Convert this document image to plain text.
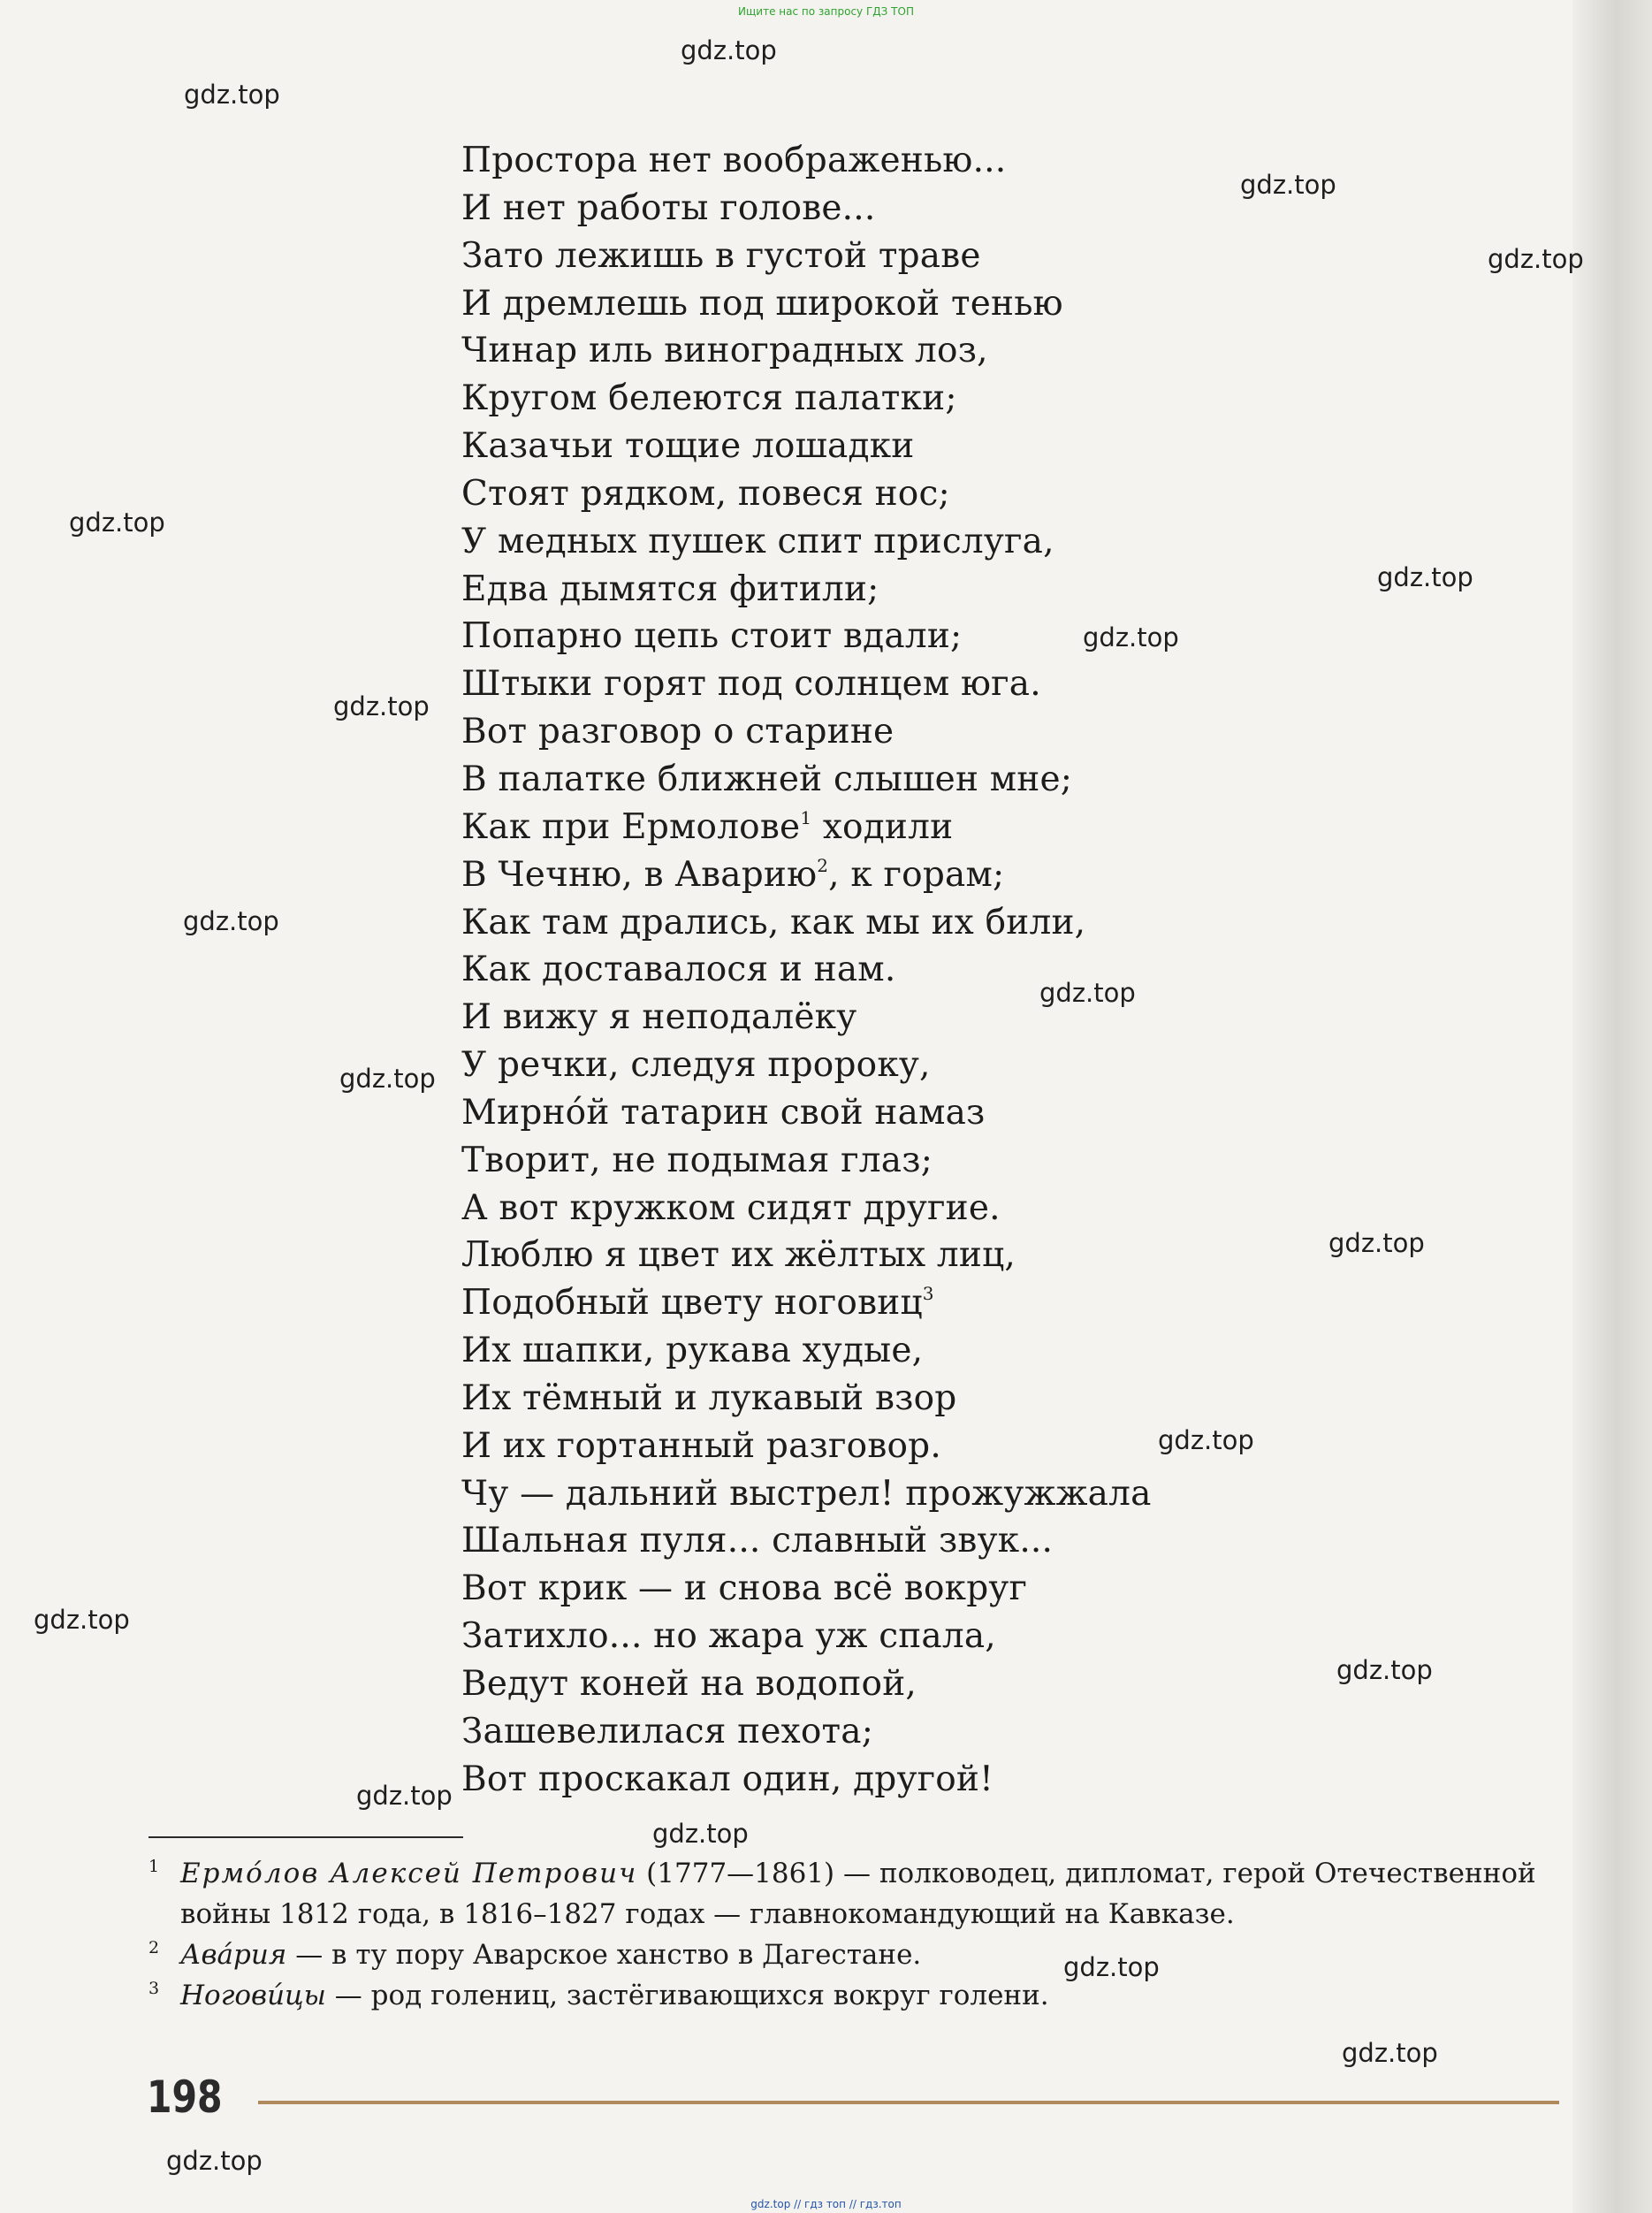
Ищите нас по запросу ГДЗ ТОП
Простора нет воображенью...
И нет работы голове...
Зато лежишь в густой траве
И дремлешь под широкой тенью
Чинар иль виноградных лоз,
Кругом белеются палатки;
Казачьи тощие лошадки
Стоят рядком, повеся нос;
У медных пушек спит прислуга,
Едва дымятся фитили;
Попарно цепь стоит вдали;
Штыки горят под солнцем юга.
Вот разговор о старине
В палатке ближней слышен мне;
Как при Ермолове$^1$ ходили
В Чечню, в Аварию$^2$, к горам;
Как там дрались, как мы их били,
Как доставалося и нам.
И вижу я неподалёку
У речки, следуя пророку,
Мирнóй татарин свой намаз
Творит, не подымая глаз;
А вот кружком сидят другие.
Люблю я цвет их жёлтых лиц,
Подобный цвету ноговиц$^3$
Их шапки, рукава худые,
Их тёмный и лукавый взор
И их гортанный разговор.
Чу — дальний выстрел! прожужжала
Шальная пуля... славный звук...
Вот крик — и снова всё вокруг
Затихло... но жара уж спала,
Ведут коней на водопой,
Зашевелилася пехота;
Вот проскакал один, другой!
1 Ермóлов Алексей Петрович (1777—1861) — полководец, дипломат, герой Отечественной войны 1812 года, в 1816–1827 годах — главнокомандующий на Кавказе.
2 Авáрия — в ту пору Аварское ханство в Дагестане.
3 Ногови́цы — род голениц, застёгивающихся вокруг голени.
198
gdz.top // гдз топ // гдз.топ
gdz.top
gdz.top
gdz.top
gdz.top
gdz.top
gdz.top
gdz.top
gdz.top
gdz.top
gdz.top
gdz.top
gdz.top
gdz.top
gdz.top
gdz.top
gdz.top
gdz.top
gdz.top
gdz.top
gdz.top
